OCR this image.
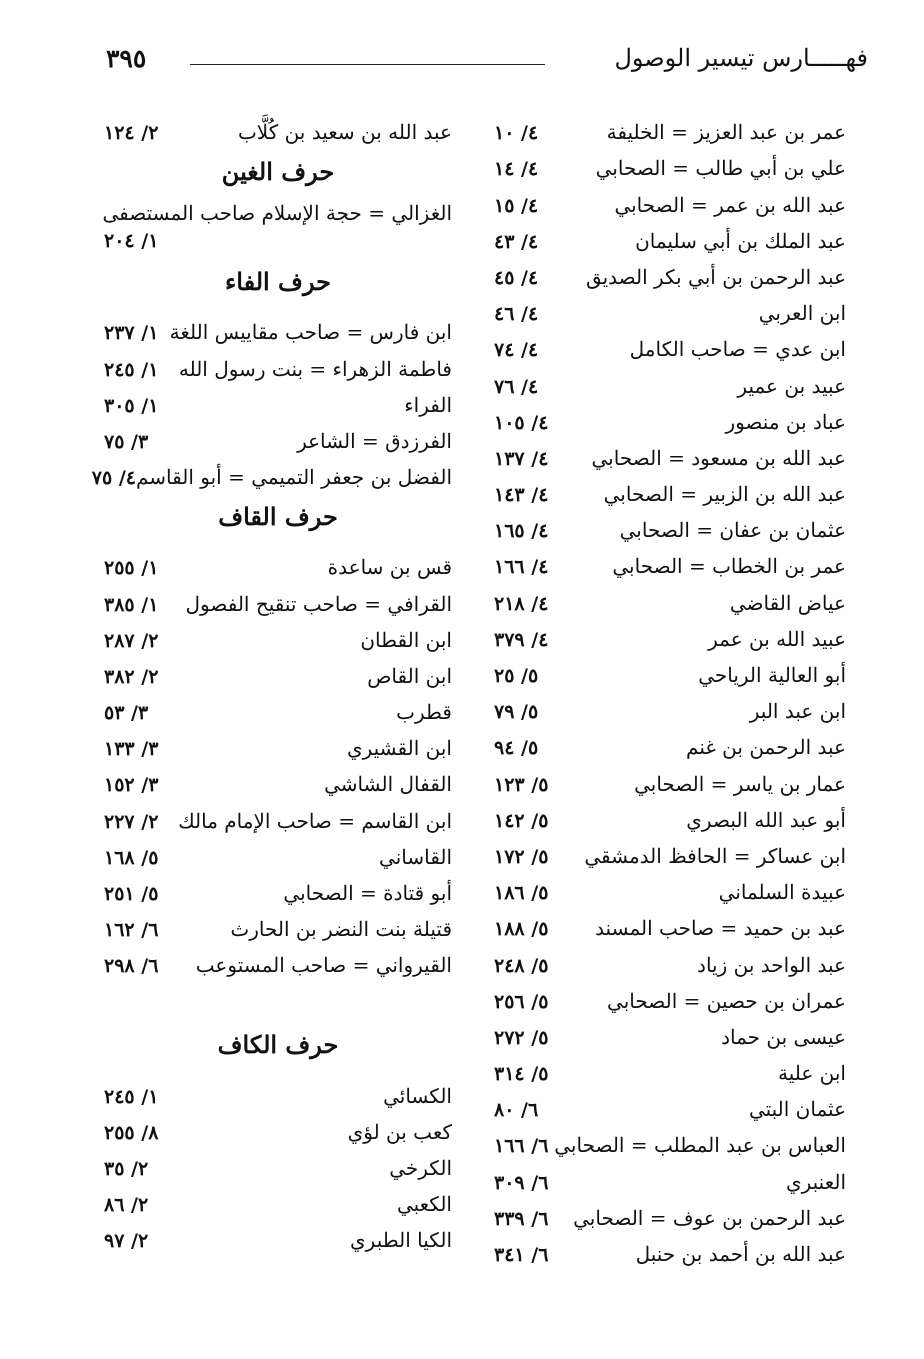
فهـــــارس تيسير الوصول
٣٩٥
عمر بن عبد العزيز = الخليفة
٤/ ١٠
علي بن أبي طالب = الصحابي
٤/ ١٤
عبد الله بن عمر = الصحابي
٤/ ١٥
عبد الملك بن أبي سليمان
٤/ ٤٣
عبد الرحمن بن أبي بكر الصديق
٤/ ٤٥
ابن العربي
٤/ ٤٦
ابن عدي = صاحب الكامل
٤/ ٧٤
عبيد بن عمير
٤/ ٧٦
عباد بن منصور
٤/ ١٠٥
عبد الله بن مسعود = الصحابي
٤/ ١٣٧
عبد الله بن الزبير = الصحابي
٤/ ١٤٣
عثمان بن عفان = الصحابي
٤/ ١٦٥
عمر بن الخطاب = الصحابي
٤/ ١٦٦
عياض القاضي
٤/ ٢١٨
عبيد الله بن عمر
٤/ ٣٧٩
أبو العالية الرياحي
٥/ ٢٥
ابن عبد البر
٥/ ٧٩
عبد الرحمن بن غنم
٥/ ٩٤
عمار بن ياسر = الصحابي
٥/ ١٢٣
أبو عبد الله البصري
٥/ ١٤٢
ابن عساكر = الحافظ الدمشقي
٥/ ١٧٢
عبيدة السلماني
٥/ ١٨٦
عبد بن حميد = صاحب المسند
٥/ ١٨٨
عبد الواحد بن زياد
٥/ ٢٤٨
عمران بن حصين = الصحابي
٥/ ٢٥٦
عيسى بن حماد
٥/ ٢٧٢
ابن علية
٥/ ٣١٤
عثمان البتي
٦/ ٨٠
العباس بن عبد المطلب = الصحابي
٦/ ١٦٦
العنبري
٦/ ٣٠٩
عبد الرحمن بن عوف = الصحابي
٦/ ٣٣٩
عبد الله بن أحمد بن حنبل
٦/ ٣٤١
عبد الله بن سعيد بن كُلَّاب
٢/ ١٢٤
حرف الغين
الغزالي = حجة الإسلام صاحب المستصفى
١/ ٢٠٤
حرف الفاء
ابن فارس = صاحب مقاييس اللغة
١/ ٢٣٧
فاطمة الزهراء = بنت رسول الله
١/ ٢٤٥
الفراء
١/ ٣٠٥
الفرزدق = الشاعر
٣/ ٧٥
الفضل بن جعفر التميمي = أبو القاسم
٤/ ٧٥
حرف القاف
قس بن ساعدة
١/ ٢٥٥
القرافي = صاحب تنقيح الفصول
١/ ٣٨٥
ابن القطان
٢/ ٢٨٧
ابن القاص
٢/ ٣٨٢
قطرب
٣/ ٥٣
ابن القشيري
٣/ ١٣٣
القفال الشاشي
٣/ ١٥٢
ابن القاسم = صاحب الإمام مالك
٢/ ٢٢٧
القاساني
٥/ ١٦٨
أبو قتادة = الصحابي
٥/ ٢٥١
قتيلة بنت النضر بن الحارث
٦/ ١٦٢
القيرواني = صاحب المستوعب
٦/ ٢٩٨
حرف الكاف
الكسائي
١/ ٢٤٥
كعب بن لؤي
٨/ ٢٥٥
الكرخي
٢/ ٣٥
الكعبي
٢/ ٨٦
الكيا الطبري
٢/ ٩٧
